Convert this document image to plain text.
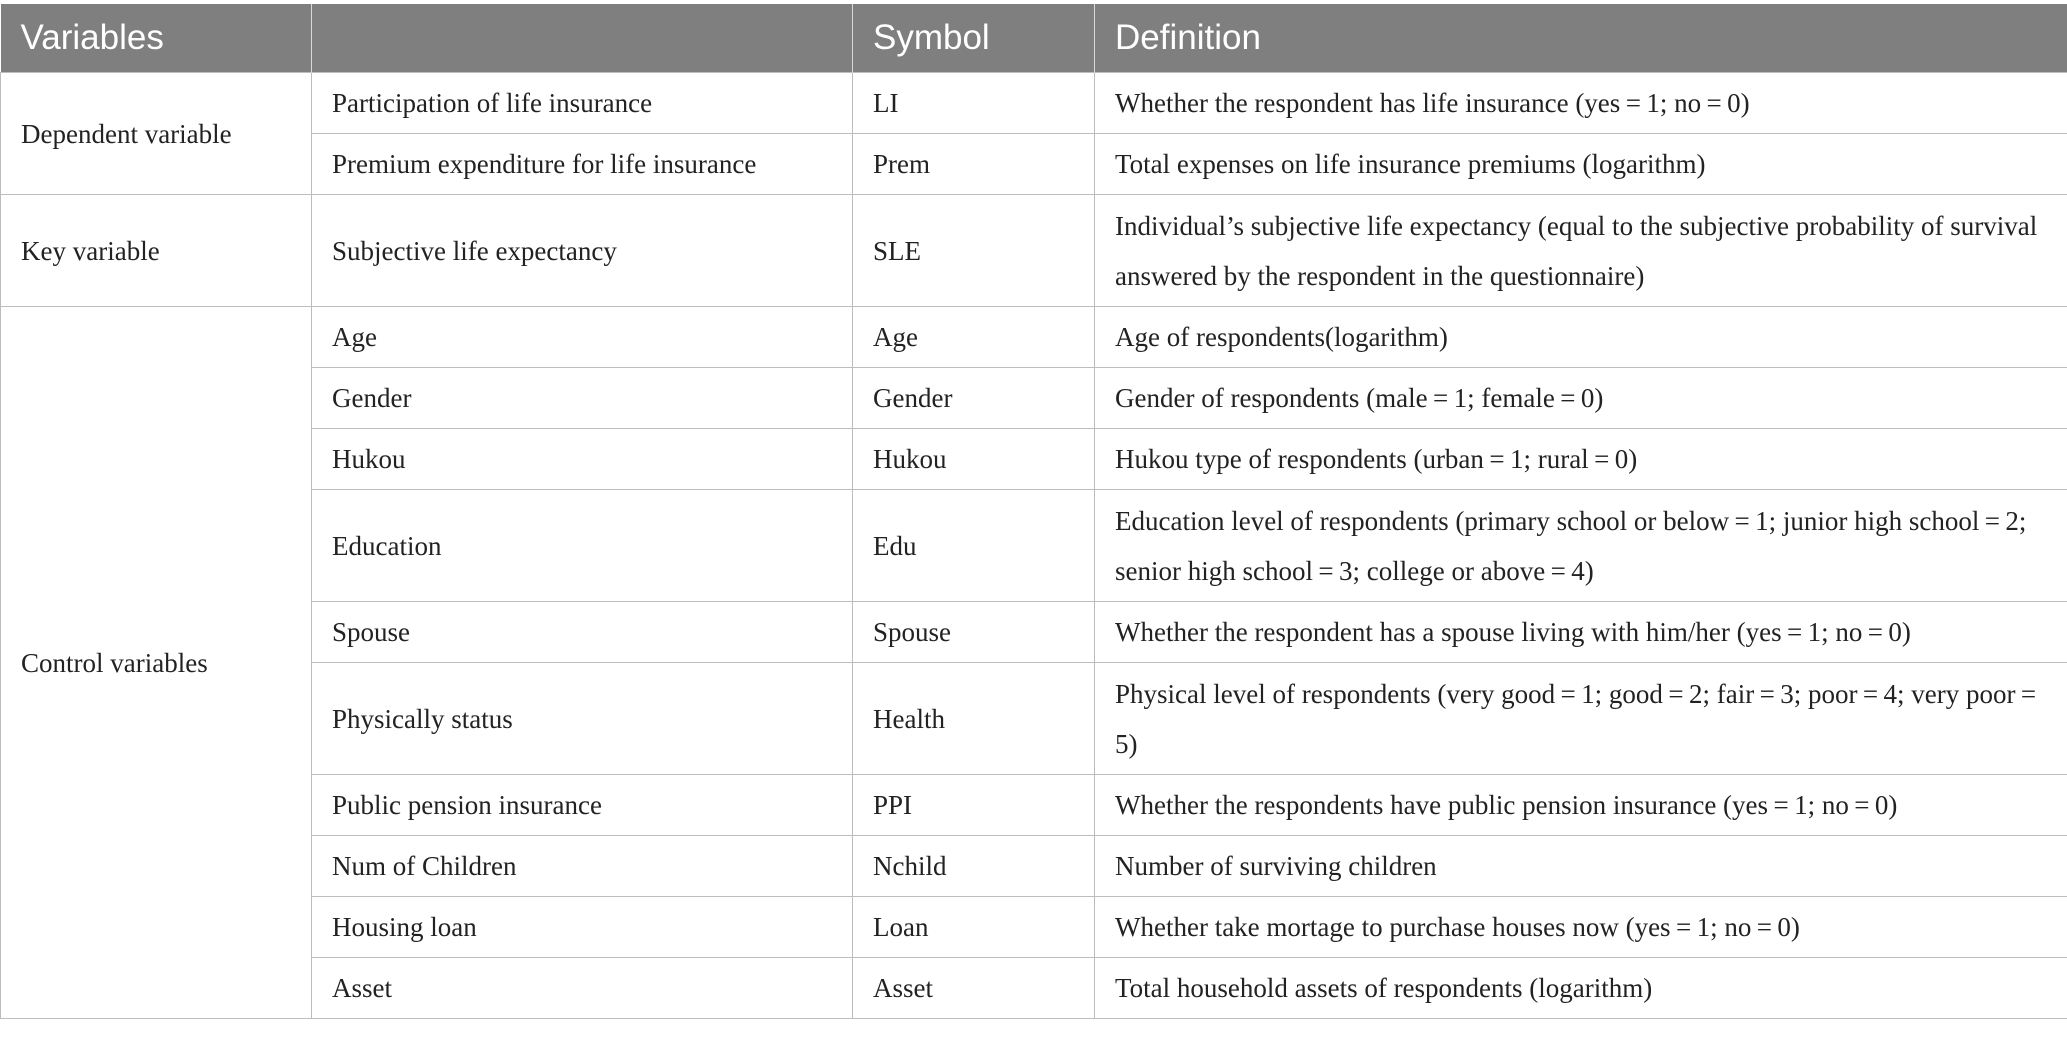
Variables		Symbol	Definition
Dependent variable	Participation of life insurance	LI	Whether the respondent has life insurance (yes = 1; no = 0)
	Premium expenditure for life insurance	Prem	Total expenses on life insurance premiums (logarithm)
Key variable	Subjective life expectancy	SLE	Individual’s subjective life expectancy (equal to the subjective probability of survival answered by the respondent in the questionnaire)
Control variables	Age	Age	Age of respondents(logarithm)
	Gender	Gender	Gender of respondents (male = 1; female = 0)
	Hukou	Hukou	Hukou type of respondents (urban = 1; rural = 0)
	Education	Edu	Education level of respondents (primary school or below = 1; junior high school = 2; senior high school = 3; college or above = 4)
	Spouse	Spouse	Whether the respondent has a spouse living with him/her (yes = 1; no = 0)
	Physically status	Health	Physical level of respondents (very good = 1; good = 2; fair = 3; poor = 4; very poor = 5)
	Public pension insurance	PPI	Whether the respondents have public pension insurance (yes = 1; no = 0)
	Num of Children	Nchild	Number of surviving children
	Housing loan	Loan	Whether take mortage to purchase houses now (yes = 1; no = 0)
	Asset	Asset	Total household assets of respondents (logarithm)
